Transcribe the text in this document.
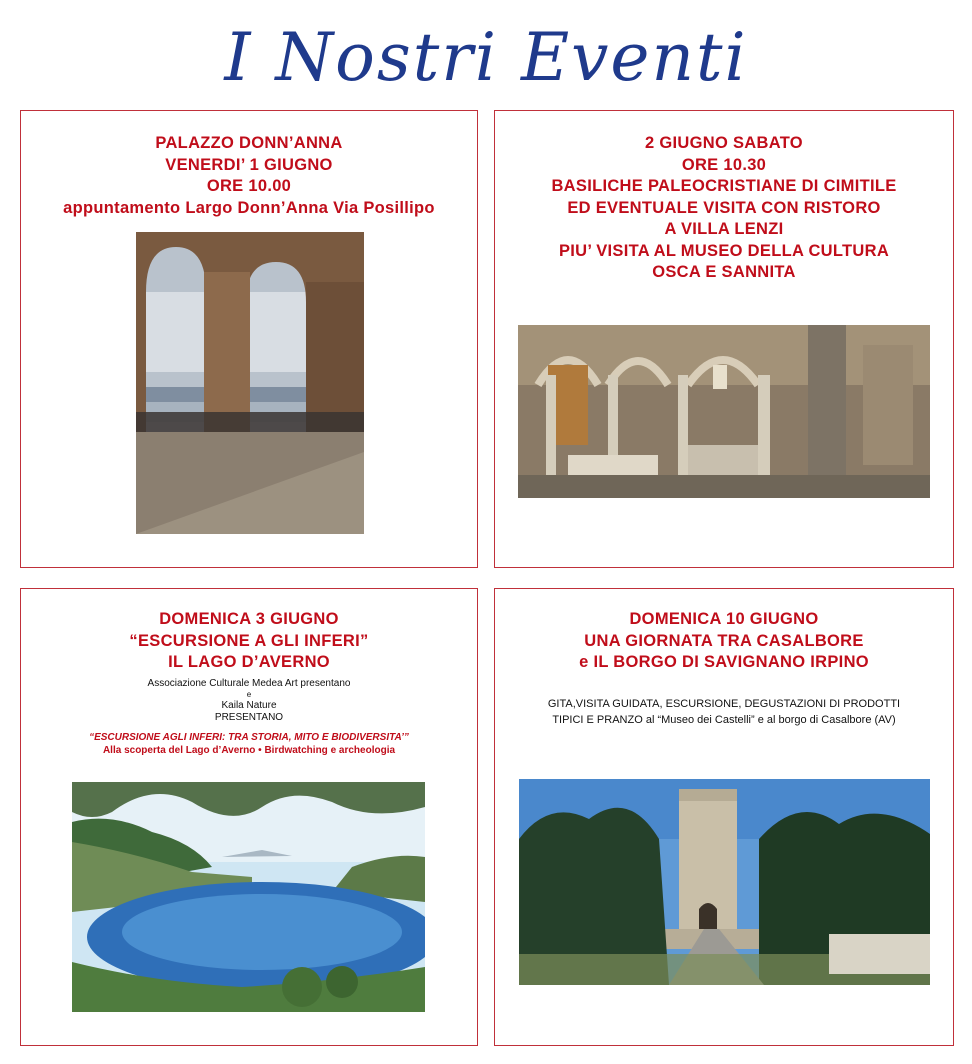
I Nostri Eventi
PALAZZO DONN’ANNA
VENERDI’ 1 GIUGNO
ORE 10.00
appuntamento Largo Donn’Anna Via Posillipo
2 GIUGNO SABATO
ORE 10.30
BASILICHE PALEOCRISTIANE DI CIMITILE
ED EVENTUALE VISITA CON RISTORO
A VILLA LENZI
PIU’ VISITA AL MUSEO DELLA CULTURA
OSCA E SANNITA
DOMENICA 3 GIUGNO
“ESCURSIONE A GLI INFERI”
IL LAGO D’AVERNO
Associazione Culturale Medea Art presentano
e
Kaila Nature
PRESENTANO
“ESCURSIONE AGLI INFERI: TRA STORIA, MITO E BIODIVERSITA’”
Alla scoperta del Lago d’Averno • Birdwatching e archeologia
DOMENICA 10 GIUGNO
UNA GIORNATA TRA CASALBORE
e IL BORGO DI SAVIGNANO IRPINO
GITA,VISITA GUIDATA, ESCURSIONE, DEGUSTAZIONI DI PRODOTTI
TIPICI E PRANZO al “Museo dei Castelli” e al borgo di Casalbore (AV)
